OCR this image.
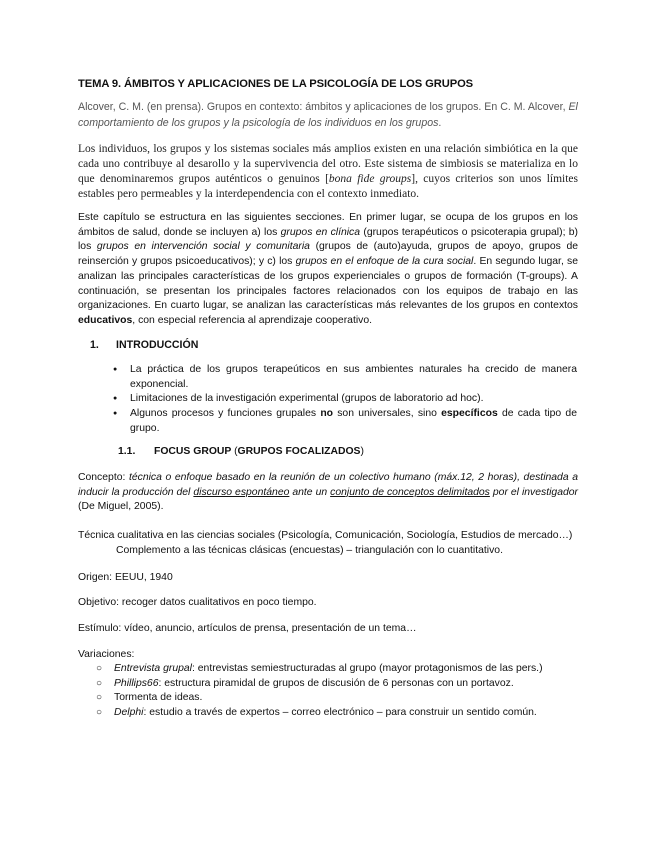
TEMA 9. ÁMBITOS Y APLICACIONES DE LA PSICOLOGÍA DE LOS GRUPOS
Alcover, C. M. (en prensa). Grupos en contexto: ámbitos y aplicaciones de los grupos. En C. M. Alcover, El comportamiento de los grupos y la psicología de los individuos en los grupos.
Los individuos, los grupos y los sistemas sociales más amplios existen en una relación simbiótica en la que cada uno contribuye al desarollo y la supervivencia del otro. Este sistema de simbiosis se materializa en lo que denominaremos grupos auténticos o genuinos [bona fide groups], cuyos criterios son unos límites estables pero permeables y la interdependencia con el contexto inmediato.
Este capítulo se estructura en las siguientes secciones. En primer lugar, se ocupa de los grupos en los ámbitos de salud, donde se incluyen a) los grupos en clínica (grupos terapéuticos o psicoterapia grupal); b) los grupos en intervención social y comunitaria (grupos de (auto)ayuda, grupos de apoyo, grupos de reinserción y grupos psicoeducativos); y c) los grupos en el enfoque de la cura social. En segundo lugar, se analizan las principales características de los grupos experienciales o grupos de formación (T-groups). A continuación, se presentan los principales factores relacionados con los equipos de trabajo en las organizaciones. En cuarto lugar, se analizan las características más relevantes de los grupos en contextos educativos, con especial referencia al aprendizaje cooperativo.
1. INTRODUCCIÓN
● La práctica de los grupos terapeúticos en sus ambientes naturales ha crecido de manera exponencial.
● Limitaciones de la investigación experimental (grupos de laboratorio ad hoc).
● Algunos procesos y funciones grupales no son universales, sino específicos de cada tipo de grupo.
1.1. FOCUS GROUP (GRUPOS FOCALIZADOS)
Concepto: técnica o enfoque basado en la reunión de un colectivo humano (máx.12, 2 horas), destinada a inducir la producción del discurso espontáneo ante un conjunto de conceptos delimitados por el investigador (De Miguel, 2005).
Técnica cualitativa en las ciencias sociales (Psicología, Comunicación, Sociología, Estudios de mercado…)
Complemento a las técnicas clásicas (encuestas) – triangulación con lo cuantitativo.
Origen: EEUU, 1940
Objetivo: recoger datos cualitativos en poco tiempo.
Estímulo: vídeo, anuncio, artículos de prensa, presentación de un tema…
Variaciones:
○ Entrevista grupal: entrevistas semiestructuradas al grupo (mayor protagonismos de las pers.)
○ Phillips66: estructura piramidal de grupos de discusión de 6 personas con un portavoz.
○ Tormenta de ideas.
○ Delphi: estudio a través de expertos – correo electrónico – para construir un sentido común.
